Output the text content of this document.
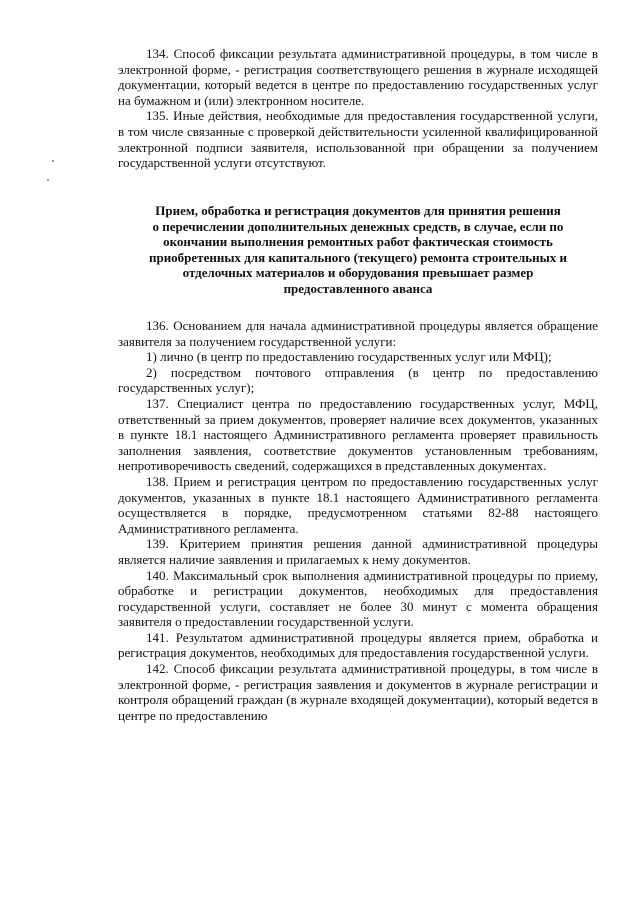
134. Способ фиксации результата административной процедуры, в том числе в электронной форме, - регистрация соответствующего решения в журнале исходящей документации, который ведется в центре по предоставлению государственных услуг на бумажном и (или) электронном носителе.

135. Иные действия, необходимые для предоставления государственной услуги, в том числе связанные с проверкой действительности усиленной квалифицированной электронной подписи заявителя, использованной при обращении за получением государственной услуги отсутствуют.

Прием, обработка и регистрация документов для принятия решения
о перечислении дополнительных денежных средств, в случае, если по
окончании выполнения ремонтных работ фактическая стоимость
приобретенных для капитального (текущего) ремонта строительных и
отделочных материалов и оборудования превышает размер
предоставленного аванса

136. Основанием для начала административной процедуры является обращение заявителя за получением государственной услуги:

1) лично (в центр по предоставлению государственных услуг или МФЦ);

2) посредством почтового отправления (в центр по предоставлению государственных услуг);

137. Специалист центра по предоставлению государственных услуг, МФЦ, ответственный за прием документов, проверяет наличие всех документов, указанных в пункте 18.1 настоящего Административного регламента проверяет правильность заполнения заявления, соответствие документов установленным требованиям, непротиворечивость сведений, содержащихся в представленных документах.

138. Прием и регистрация центром по предоставлению государственных услуг документов, указанных в пункте 18.1 настоящего Административного регламента осуществляется в порядке, предусмотренном статьями 82-88 настоящего Административного регламента.

139. Критерием принятия решения данной административной процедуры является наличие заявления и прилагаемых к нему документов.

140. Максимальный срок выполнения административной процедуры по приему, обработке и регистрации документов, необходимых для предоставления государственной услуги, составляет не более 30 минут с момента обращения заявителя о предоставлении государственной услуги.

141. Результатом административной процедуры является прием, обработка и регистрация документов, необходимых для предоставления государственной услуги.

142. Способ фиксации результата административной процедуры, в том числе в электронной форме, - регистрация заявления и документов в журнале регистрации и контроля обращений граждан (в журнале входящей документации), который ведется в центре по предоставлению
